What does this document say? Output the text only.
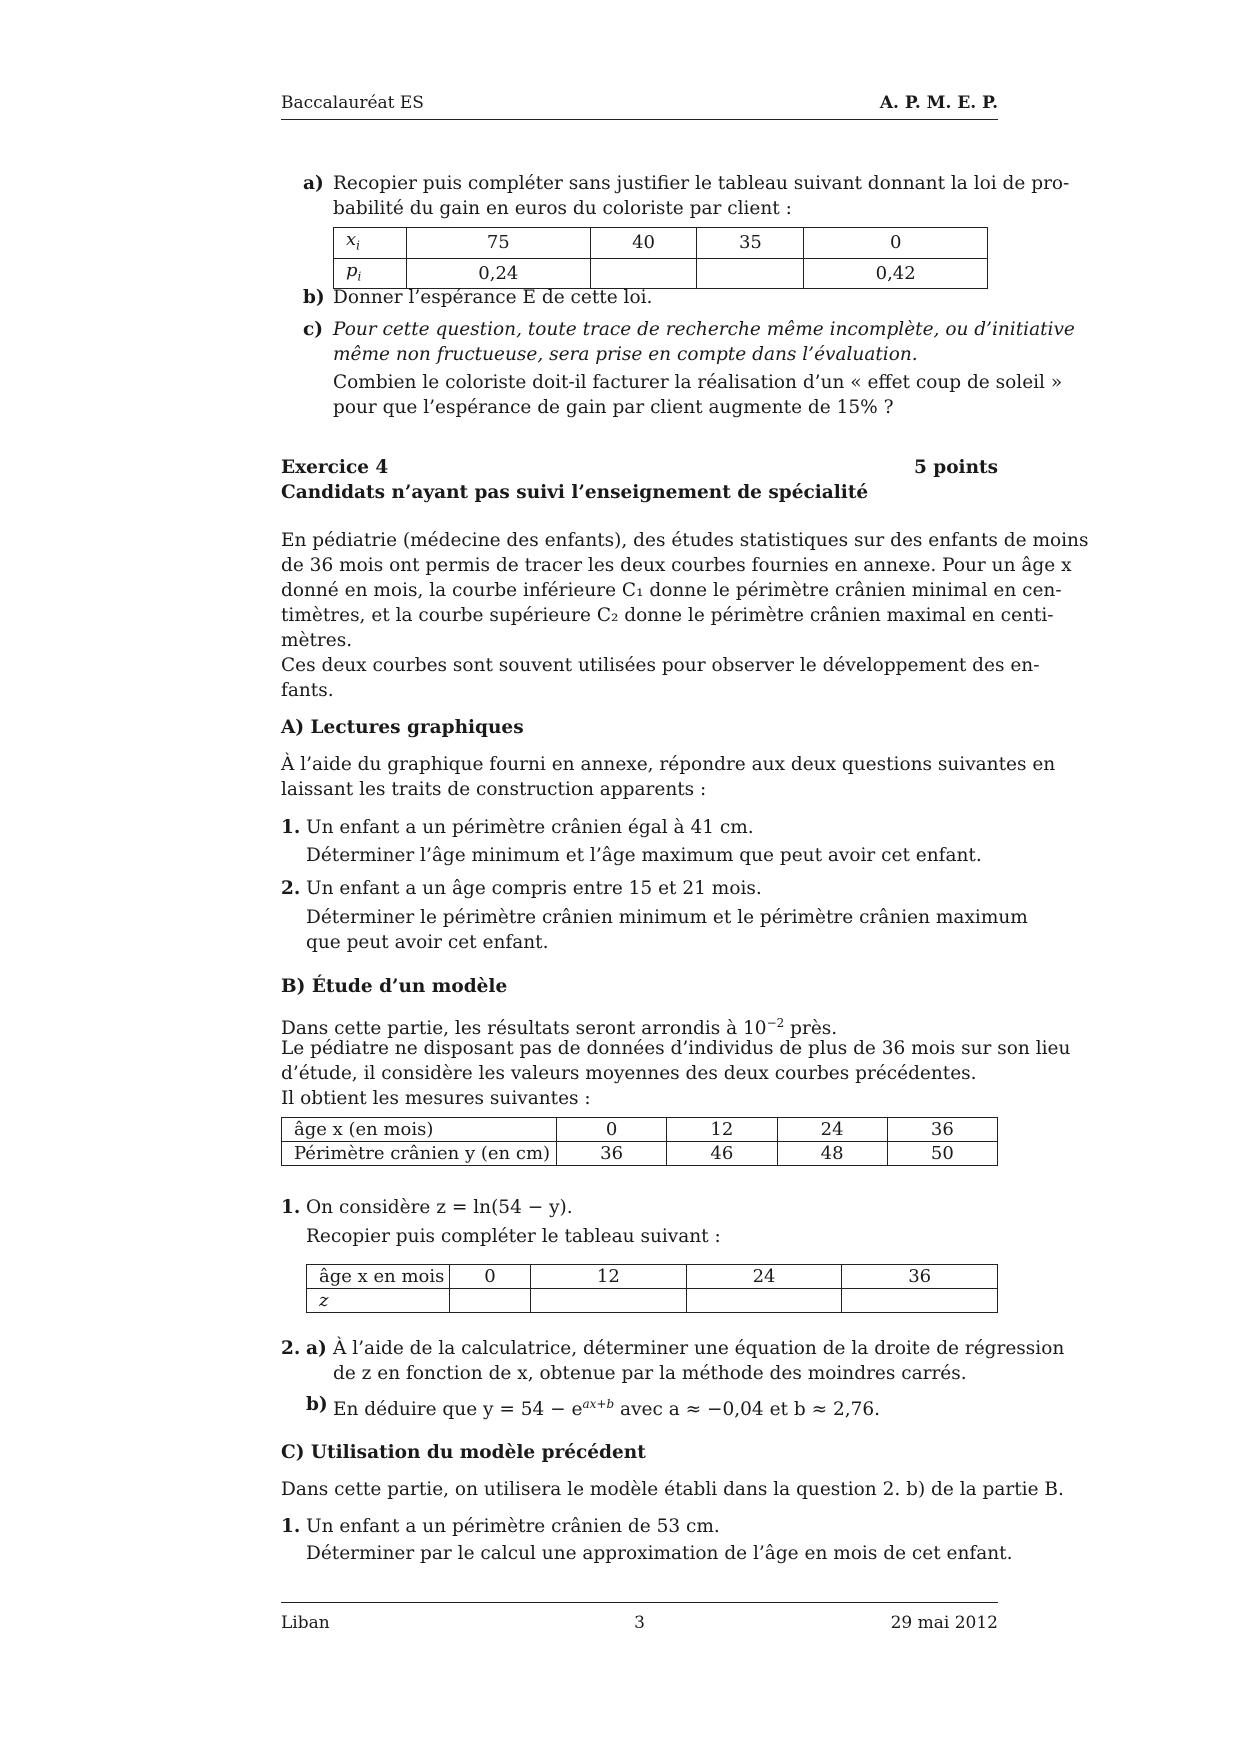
Baccalauréat ES	A. P. M. E. P.
a) Recopier puis compléter sans justifier le tableau suivant donnant la loi de pro-
babilité du gain en euros du coloriste par client :
$x_i$	75	40	35	0
$p_i$	0,24			0,42
b) Donner l’espérance E de cette loi.
c) Pour cette question, toute trace de recherche même incomplète, ou d’initiative
même non fructueuse, sera prise en compte dans l’évaluation.
Combien le coloriste doit-il facturer la réalisation d’un « effet coup de soleil »
pour que l’espérance de gain par client augmente de 15% ?
Exercice 4	5 points
Candidats n’ayant pas suivi l’enseignement de spécialité
En pédiatrie (médecine des enfants), des études statistiques sur des enfants de moins
de 36 mois ont permis de tracer les deux courbes fournies en annexe. Pour un âge x
donné en mois, la courbe inférieure C₁ donne le périmètre crânien minimal en cen-
timètres, et la courbe supérieure C₂ donne le périmètre crânien maximal en centi-
mètres.
Ces deux courbes sont souvent utilisées pour observer le développement des en-
fants.
A) Lectures graphiques
À l’aide du graphique fourni en annexe, répondre aux deux questions suivantes en
laissant les traits de construction apparents :
1. Un enfant a un périmètre crânien égal à 41 cm.
Déterminer l’âge minimum et l’âge maximum que peut avoir cet enfant.
2. Un enfant a un âge compris entre 15 et 21 mois.
Déterminer le périmètre crânien minimum et le périmètre crânien maximum
que peut avoir cet enfant.
B) Étude d’un modèle
Dans cette partie, les résultats seront arrondis à $10^{-2}$ près.
Le pédiatre ne disposant pas de données d’individus de plus de 36 mois sur son lieu
d’étude, il considère les valeurs moyennes des deux courbes précédentes.
Il obtient les mesures suivantes :
âge x (en mois)	0	12	24	36
Périmètre crânien y (en cm)	36	46	48	50
1. On considère z = ln(54 − y).
Recopier puis compléter le tableau suivant :
âge x en mois	0	12	24	36
z				
2. a) À l’aide de la calculatrice, déterminer une équation de la droite de régression
de z en fonction de x, obtenue par la méthode des moindres carrés.
b) En déduire que $y = 54 - e^{ax+b}$ avec a ≈ −0,04 et b ≈ 2,76.
C) Utilisation du modèle précédent
Dans cette partie, on utilisera le modèle établi dans la question 2. b) de la partie B.
1. Un enfant a un périmètre crânien de 53 cm.
Déterminer par le calcul une approximation de l’âge en mois de cet enfant.
Liban	3	29 mai 2012
